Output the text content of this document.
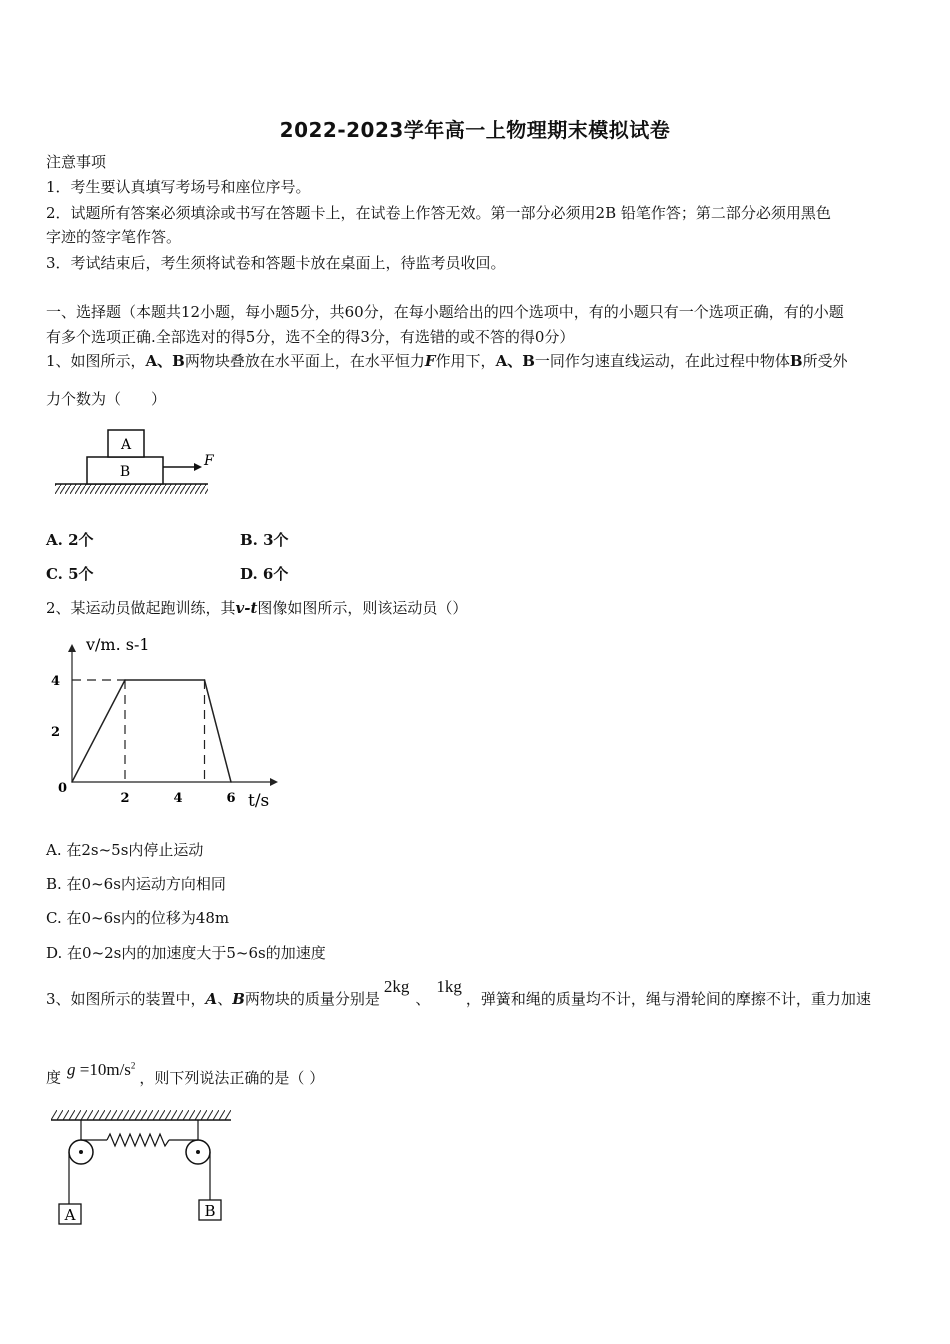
2022-2023学年高一上物理期末模拟试卷
注意事项
1．考生要认真填写考场号和座位序号。
2．试题所有答案必须填涂或书写在答题卡上，在试卷上作答无效。第一部分必须用2B 铅笔作答；第二部分必须用黑色
字迹的签字笔作答。
3．考试结束后，考生须将试卷和答题卡放在桌面上，待监考员收回。
一、选择题（本题共12小题，每小题5分，共60分，在每小题给出的四个选项中，有的小题只有一个选项正确，有的小题
有多个选项正确.全部选对的得5分，选不全的得3分，有选错的或不答的得0分）
1、如图所示，A、B两物块叠放在水平面上，在水平恒力F作用下，A、B一同作匀速直线运动，在此过程中物体B所受外
力个数为（　　）
A
B
F
A. 2个	B. 3个
C. 5个	D. 6个
2、某运动员做起跑训练，其v-t图像如图所示，则该运动员（）
v/m. s-1
t/s
0
2	4	6
2
4
A. 在2s~5s内停止运动
B. 在0~6s内运动方向相同
C. 在0~6s内的位移为48m
D. 在0~2s内的加速度大于5~6s的加速度
3、如图所示的装置中，A、B两物块的质量分别是2kg、1kg，弹簧和绳的质量均不计，绳与滑轮间的摩擦不计，重力加速
度 $g =10m/s^2$，则下列说法正确的是（ ）
A	B
